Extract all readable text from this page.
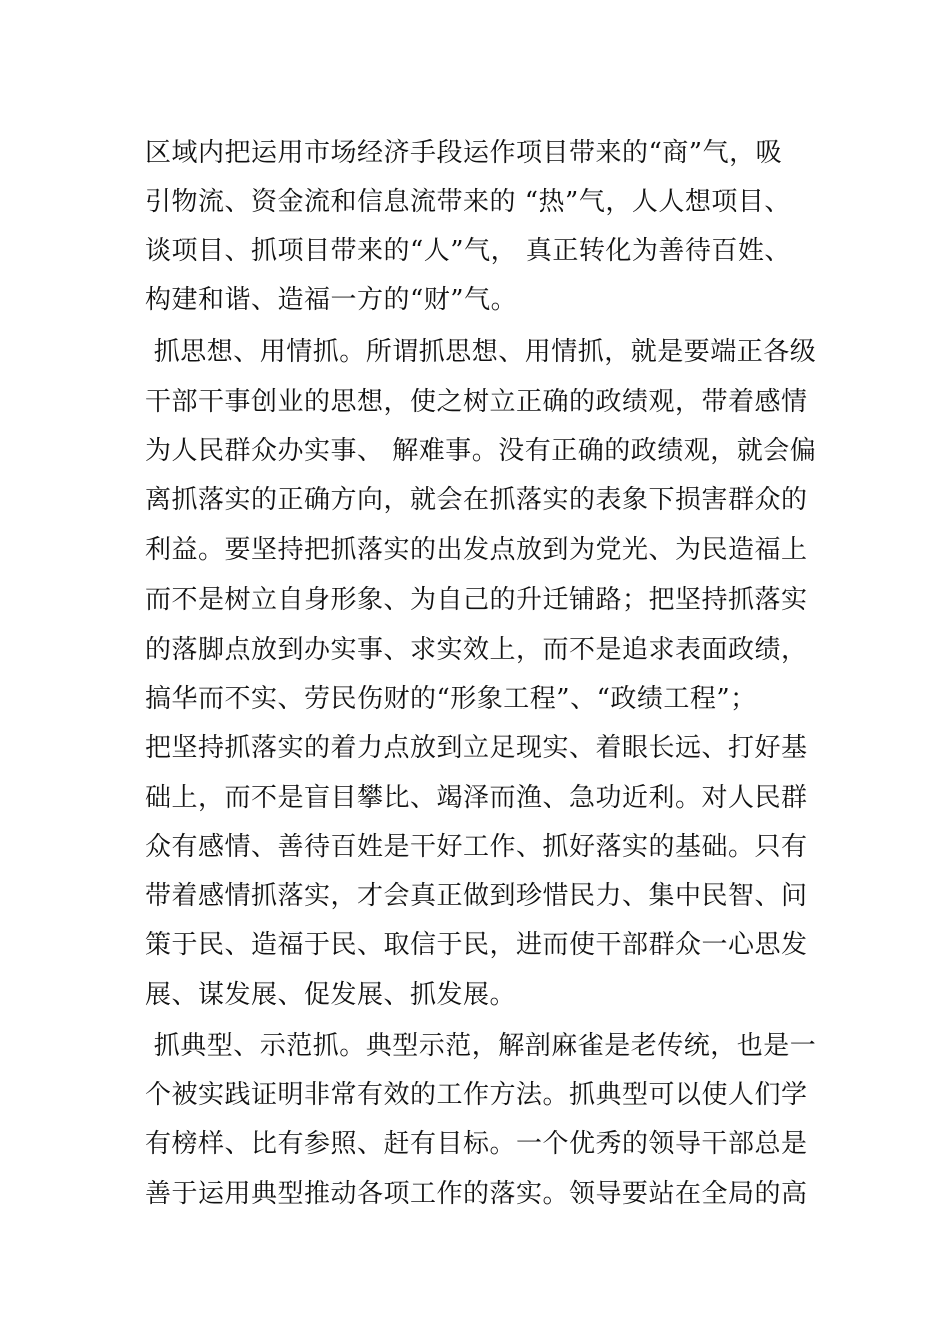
区域内把运用市场经济手段运作项目带来的“商”气，吸
引物流、资金流和信息流带来的 “热”气，人人想项目、
谈项目、抓项目带来的“人”气， 真正转化为善待百姓、
构建和谐、造福一方的“财”气。
抓思想、用情抓。所谓抓思想、用情抓，就是要端正各级
干部干事创业的思想，使之树立正确的政绩观，带着感情
为人民群众办实事、 解难事。没有正确的政绩观，就会偏
离抓落实的正确方向，就会在抓落实的表象下损害群众的
利益。要坚持把抓落实的出发点放到为党光、为民造福上
而不是树立自身形象、为自己的升迁铺路；把坚持抓落实
的落脚点放到办实事、求实效上，而不是追求表面政绩，
搞华而不实、劳民伤财的“形象工程”、“政绩工程”；
把坚持抓落实的着力点放到立足现实、着眼长远、打好基
础上，而不是盲目攀比、竭泽而渔、急功近利。对人民群
众有感情、善待百姓是干好工作、抓好落实的基础。只有
带着感情抓落实，才会真正做到珍惜民力、集中民智、问
策于民、造福于民、取信于民，进而使干部群众一心思发
展、谋发展、促发展、抓发展。
抓典型、示范抓。典型示范，解剖麻雀是老传统，也是一
个被实践证明非常有效的工作方法。抓典型可以使人们学
有榜样、比有参照、赶有目标。一个优秀的领导干部总是
善于运用典型推动各项工作的落实。领导要站在全局的高
